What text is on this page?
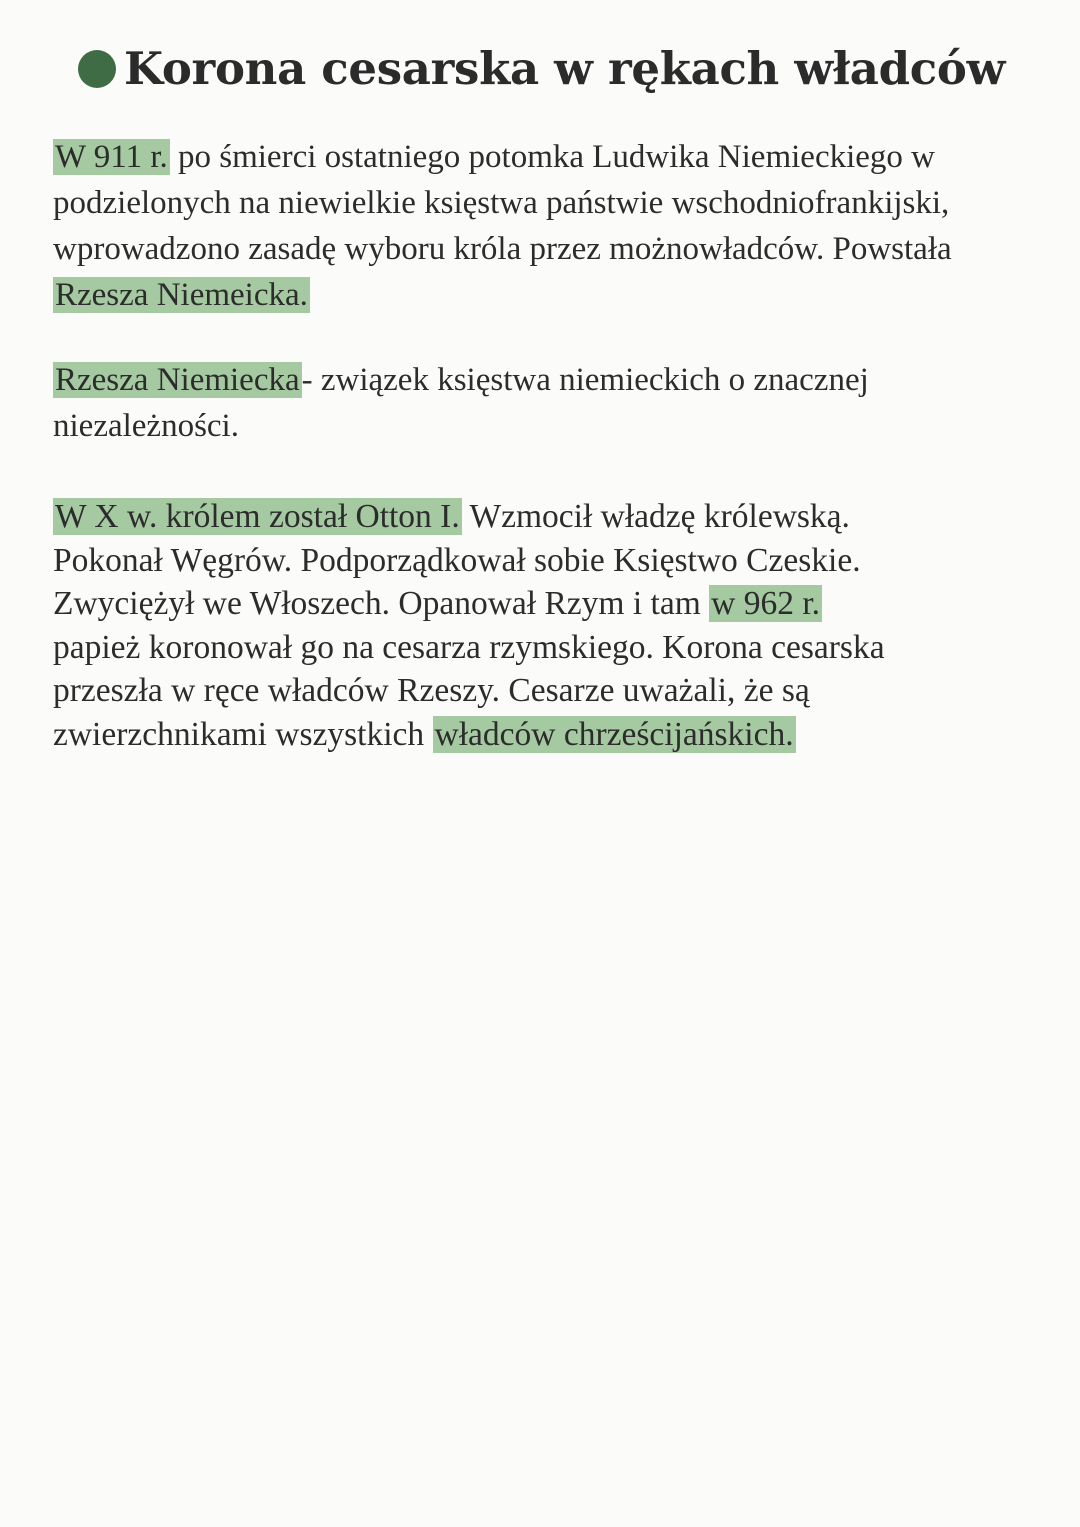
Korona cesarska w rękach władców

W 911 r. po śmierci ostatniego potomka Ludwika Niemieckiego w
podzielonych na niewielkie księstwa państwie wschodniofrankijski,
wprowadzono zasadę wyboru króla przez możnowładców. Powstała
Rzesza Niemeicka.

Rzesza Niemiecka- związek księstwa niemieckich o znacznej
niezależności.

W X w. królem został Otton I. Wzmocił władzę królewską.
Pokonał Węgrów. Podporządkował sobie Księstwo Czeskie.
Zwyciężył we Włoszech. Opanował Rzym i tam w 962 r.
papież koronował go na cesarza rzymskiego. Korona cesarska
przeszła w ręce władców Rzeszy. Cesarze uważali, że są
zwierzchnikami wszystkich władców chrześcijańskich.
